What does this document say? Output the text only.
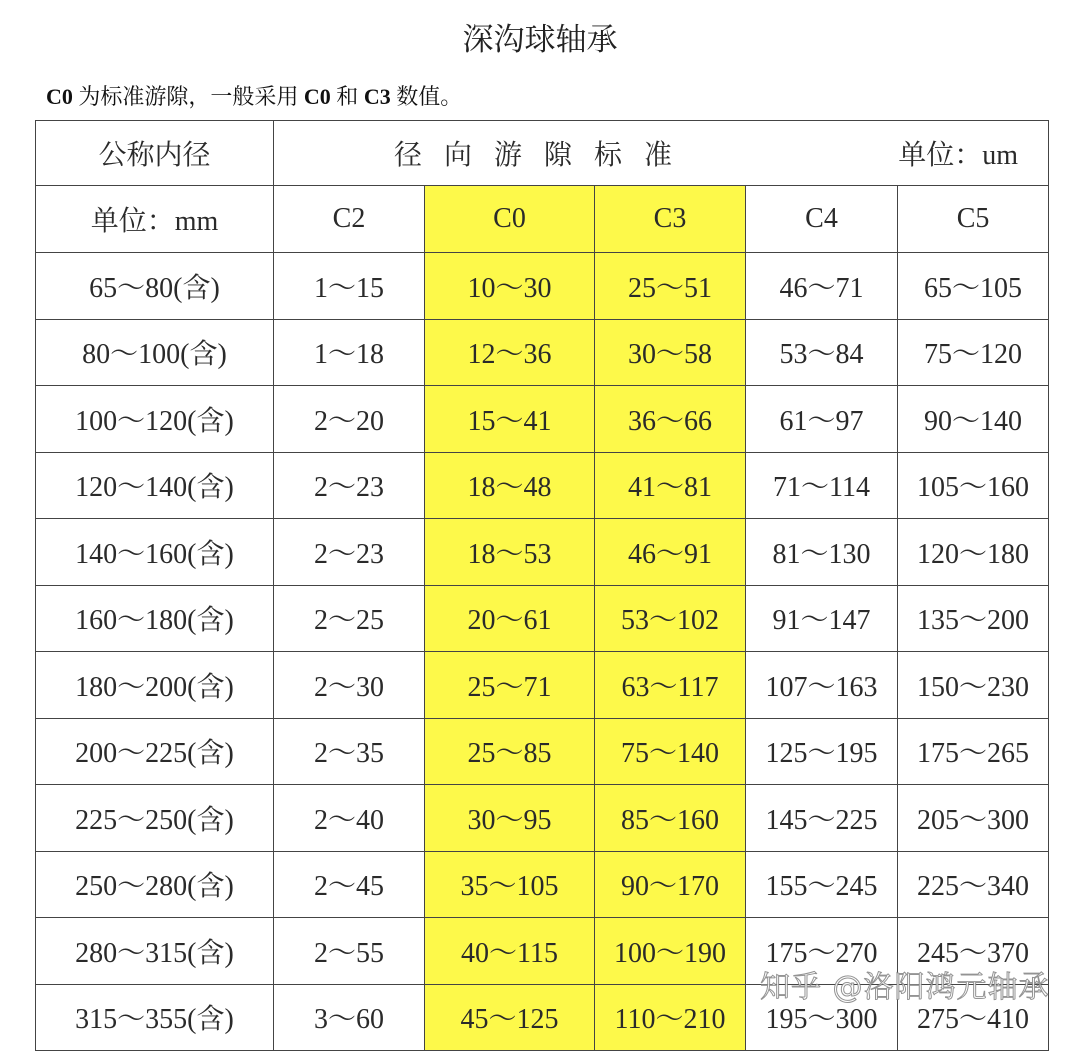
深沟球轴承
C0 为标准游隙，一般采用 C0 和 C3 数值。
公称内径	径向游隙标准 单位：um				

单位：mm	C2	C0	C3	C4	C5
65～80(含)	1～15	10～30	25～51	46～71	65～105
80～100(含)	1～18	12～36	30～58	53～84	75～120
100～120(含)	2～20	15～41	36～66	61～97	90～140
120～140(含)	2～23	18～48	41～81	71～114	105～160
140～160(含)	2～23	18～53	46～91	81～130	120～180
160～180(含)	2～25	20～61	53～102	91～147	135～200
180～200(含)	2～30	25～71	63～117	107～163	150～230
200～225(含)	2～35	25～85	75～140	125～195	175～265
225～250(含)	2～40	30～95	85～160	145～225	205～300
250～280(含)	2～45	35～105	90～170	155～245	225～340
280～315(含)	2～55	40～115	100～190	175～270	245～370
315～355(含)	3～60	45～125	110～210	195～300	275～410
知乎 @洛阳鸿元轴承
